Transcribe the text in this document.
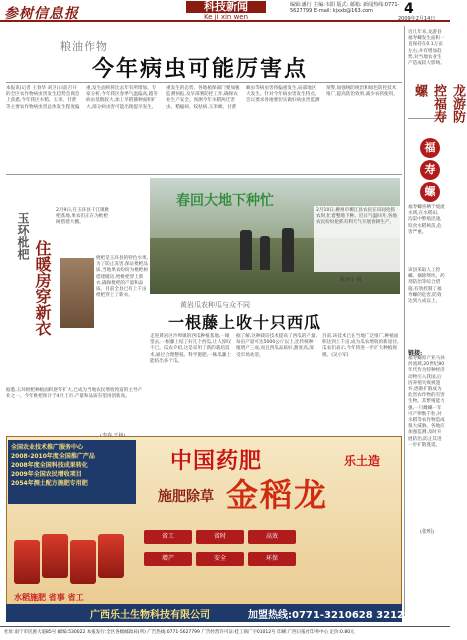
参树信息报	科技新闻
Ke ji xin wen
编辑:潘行 主编:韦阳 版式: 邮箱: 新闻热线:0771-5627799 E-mail: kjxxb@163.com	4
2009年2月14日
粮油作物
今年病虫可能厉害点
本报讯(记者 王春华 刘卫)日前召开的全区农作物病虫害发生趋势会商会上获悉,今年我区水稻、玉米、甘蔗等主要农作物病虫害总体发生程度偏重,发生面积将比去年有所增加。专家分析,今年我区春季气温偏高,越冬病虫基数较大,加上早稻播种面积扩大,部分病虫害可能出现提早发生、重发生的态势。各地植保部门要加强监测预报,及早部署防控工作,确保农业生产安全。预测今年水稻两迁害虫、稻瘟病、纹枯病,玉米螟、甘蔗螟虫等病虫害将偏重发生,局部地区大发生。针对今年病虫害发生特点,会议要求各地要切实做好病虫害监测预警,加强统防统治和绿色防控技术推广,提高防治效果,减少农药使用。
近几年来,龙游县福寿螺发生面积一直保持在0.1万亩左右,并有增加趋势,对当地农业生产造成较大影响。
龙游防控福寿螺
福
寿
螺
福寿螺喜栖于缓流水域,在水稻田、沟渠中繁殖迅速,咬食水稻秧苗,危害严重。
该县采取人工捡螺、摘除卵块、药剂防治等综合措施,有效控制了福寿螺的危害,防效达到九成以上。
链接:
福寿螺原产亚马孙河流域,20世纪80年代作为特种经济动物引入我国,后因养殖失败被遗弃,逐渐扩散成为危害农作物的有害生物。其繁殖能力强,一只雌螺一年可产卵数千粒,对水稻等农作物造成很大威胁。各地应加强监测,及时开展防治,防止其进一步扩散蔓延。
(张明)
春回大地下种忙
2月10日,柳州市柳江县农民在田间抢抓农时,忙着整地下种。近日气温回升,各地农民纷纷抢抓有利天气开展春耕生产。
陈亚宇 摄
玉环枇杷
住暖房穿新衣
2月9日,在玉环县干江镇枇杷基地,果农们正在为枇杷树搭建大棚。
枇杷是玉环县的特色水果,为了防止冻害,保证枇杷品质,当地果农纷纷为枇杷树搭建暖房,给枇杷穿上新衣,确保枇杷的产量和品质。目前全县已有上千亩枇杷穿上了新衣。
据悉,玉环枇杷种植面积逐年扩大,已成为当地农民增收致富的主导产业之一。今年枇杷预计于4月上市,产量和品质有望再创新高。
黄岩瓜农种瓜与众不同
一根藤上收十只西瓜
走进黄岩区沙埠镇的西瓜种植基地,一眼望去,一根藤上结了好几个西瓜,让人惊叹不已。瓜农介绍,这是采用了新的栽培技术,通过合理整枝、科学施肥,一株瓜藤上能结出多个瓜。
据了解,这种栽培技术提高了西瓜的产量,每亩产量可达5000公斤以上,比传统种植增产三成,而且西瓜品质好,甜度高,深受市场欢迎。
目前,该技术已在当地广泛推广,种植面积达到上千亩,成为瓜农增收的新途径。瓜农们表示,今年将进一步扩大种植规模。(吴小军)
全国农业技术推广服务中心
2008-2010年度全国推广产品
2008年度全国科技成果转化
2009年全国农民增收项目
2054年测土配方施肥专用肥
中国药肥	乐土造
施肥除草 金稻龙
水稻施肥 省事 省工
省工	省时	高效
增产	安全	环保
广西乐土生物科技有限公司	加盟热线:0771-3210628 3212993
社址:南宁市民族大道85号 邮编:530022 本报发行:全区各级邮政局(所) 广告热线:0771-5627799 广告经营许可证:桂工商广字01012号 印刷:广西日报社印务中心 定价:0.80元
